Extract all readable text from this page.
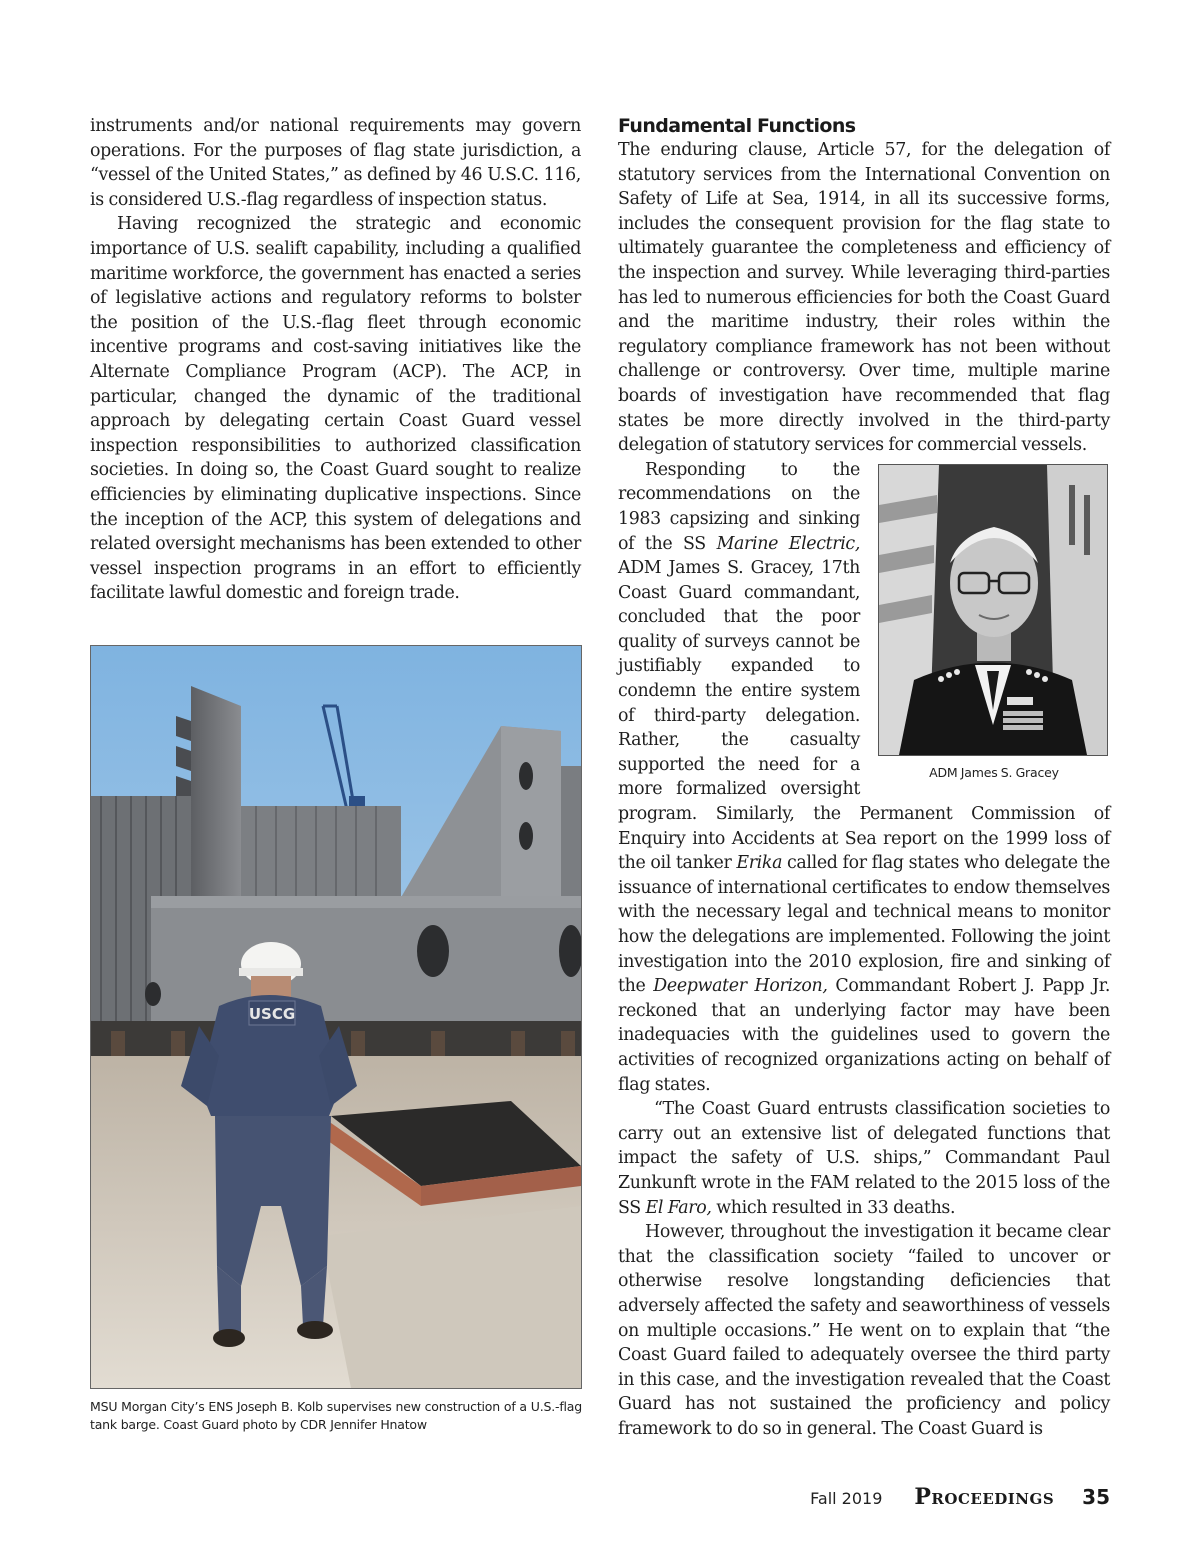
instruments and/or national requirements may govern operations. For the purposes of flag state jurisdiction, a “vessel of the United States,” as defined by 46 U.S.C. 116, is considered U.S.-flag regardless of inspection status.

Having recognized the strategic and economic importance of U.S. sealift capability, including a qualified maritime workforce, the government has enacted a series of legislative actions and regulatory reforms to bolster the position of the U.S.-flag fleet through economic incentive programs and cost-saving initiatives like the Alternate Compliance Program (ACP). The ACP, in particular, changed the dynamic of the traditional approach by delegating certain Coast Guard vessel inspection responsibilities to authorized classification societies. In doing so, the Coast Guard sought to realize efficiencies by eliminating duplicative inspections. Since the inception of the ACP, this system of delegations and related oversight mechanisms has been extended to other vessel inspection programs in an effort to efficiently facilitate lawful domestic and foreign trade.

USCG
MSU Morgan City’s ENS Joseph B. Kolb supervises new construction of a U.S.-flag tank barge. Coast Guard photo by CDR Jennifer Hnatow
Fundamental Functions

The enduring clause, Article 57, for the delegation of statutory services from the International Convention on Safety of Life at Sea, 1914, in all its successive forms, includes the consequent provision for the flag state to ultimately guarantee the completeness and efficiency of the inspection and survey. While leveraging third-parties has led to numerous efficiencies for both the Coast Guard and the maritime industry, their roles within the regulatory compliance framework has not been without challenge or controversy. Over time, multiple marine boards of investigation have recommended that flag states be more directly involved in the third-party delegation of statutory services for commercial vessels.

ADM James S. Gracey

Responding to the recommendations on the 1983 capsizing and sinking of the SS Marine Electric, ADM James S. Gracey, 17th Coast Guard commandant, concluded that the poor quality of surveys cannot be justifiably expanded to condemn the entire system of third-party delegation. Rather, the casualty supported the need for a more formalized oversight program. Similarly, the Permanent Commission of Enquiry into Accidents at Sea report on the 1999 loss of the oil tanker Erika called for flag states who delegate the issuance of international certificates to endow themselves with the necessary legal and technical means to monitor how the delegations are implemented. Following the joint investigation into the 2010 explosion, fire and sinking of the Deepwater Horizon, Commandant Robert J. Papp Jr. reckoned that an underlying factor may have been inadequacies with the guidelines used to govern the activities of recognized organizations acting on behalf of flag states.

“The Coast Guard entrusts classification societies to carry out an extensive list of delegated functions that impact the safety of U.S. ships,” Commandant Paul Zunkunft wrote in the FAM related to the 2015 loss of the SS El Faro, which resulted in 33 deaths.

However, throughout the investigation it became clear that the classification society “failed to uncover or otherwise resolve longstanding deficiencies that adversely affected the safety and seaworthiness of vessels on multiple occasions.” He went on to explain that “the Coast Guard failed to adequately oversee the third party in this case, and the investigation revealed that the Coast Guard has not sustained the proficiency and policy framework to do so in general. The Coast Guard is

Fall 2019 Proceedings 35
